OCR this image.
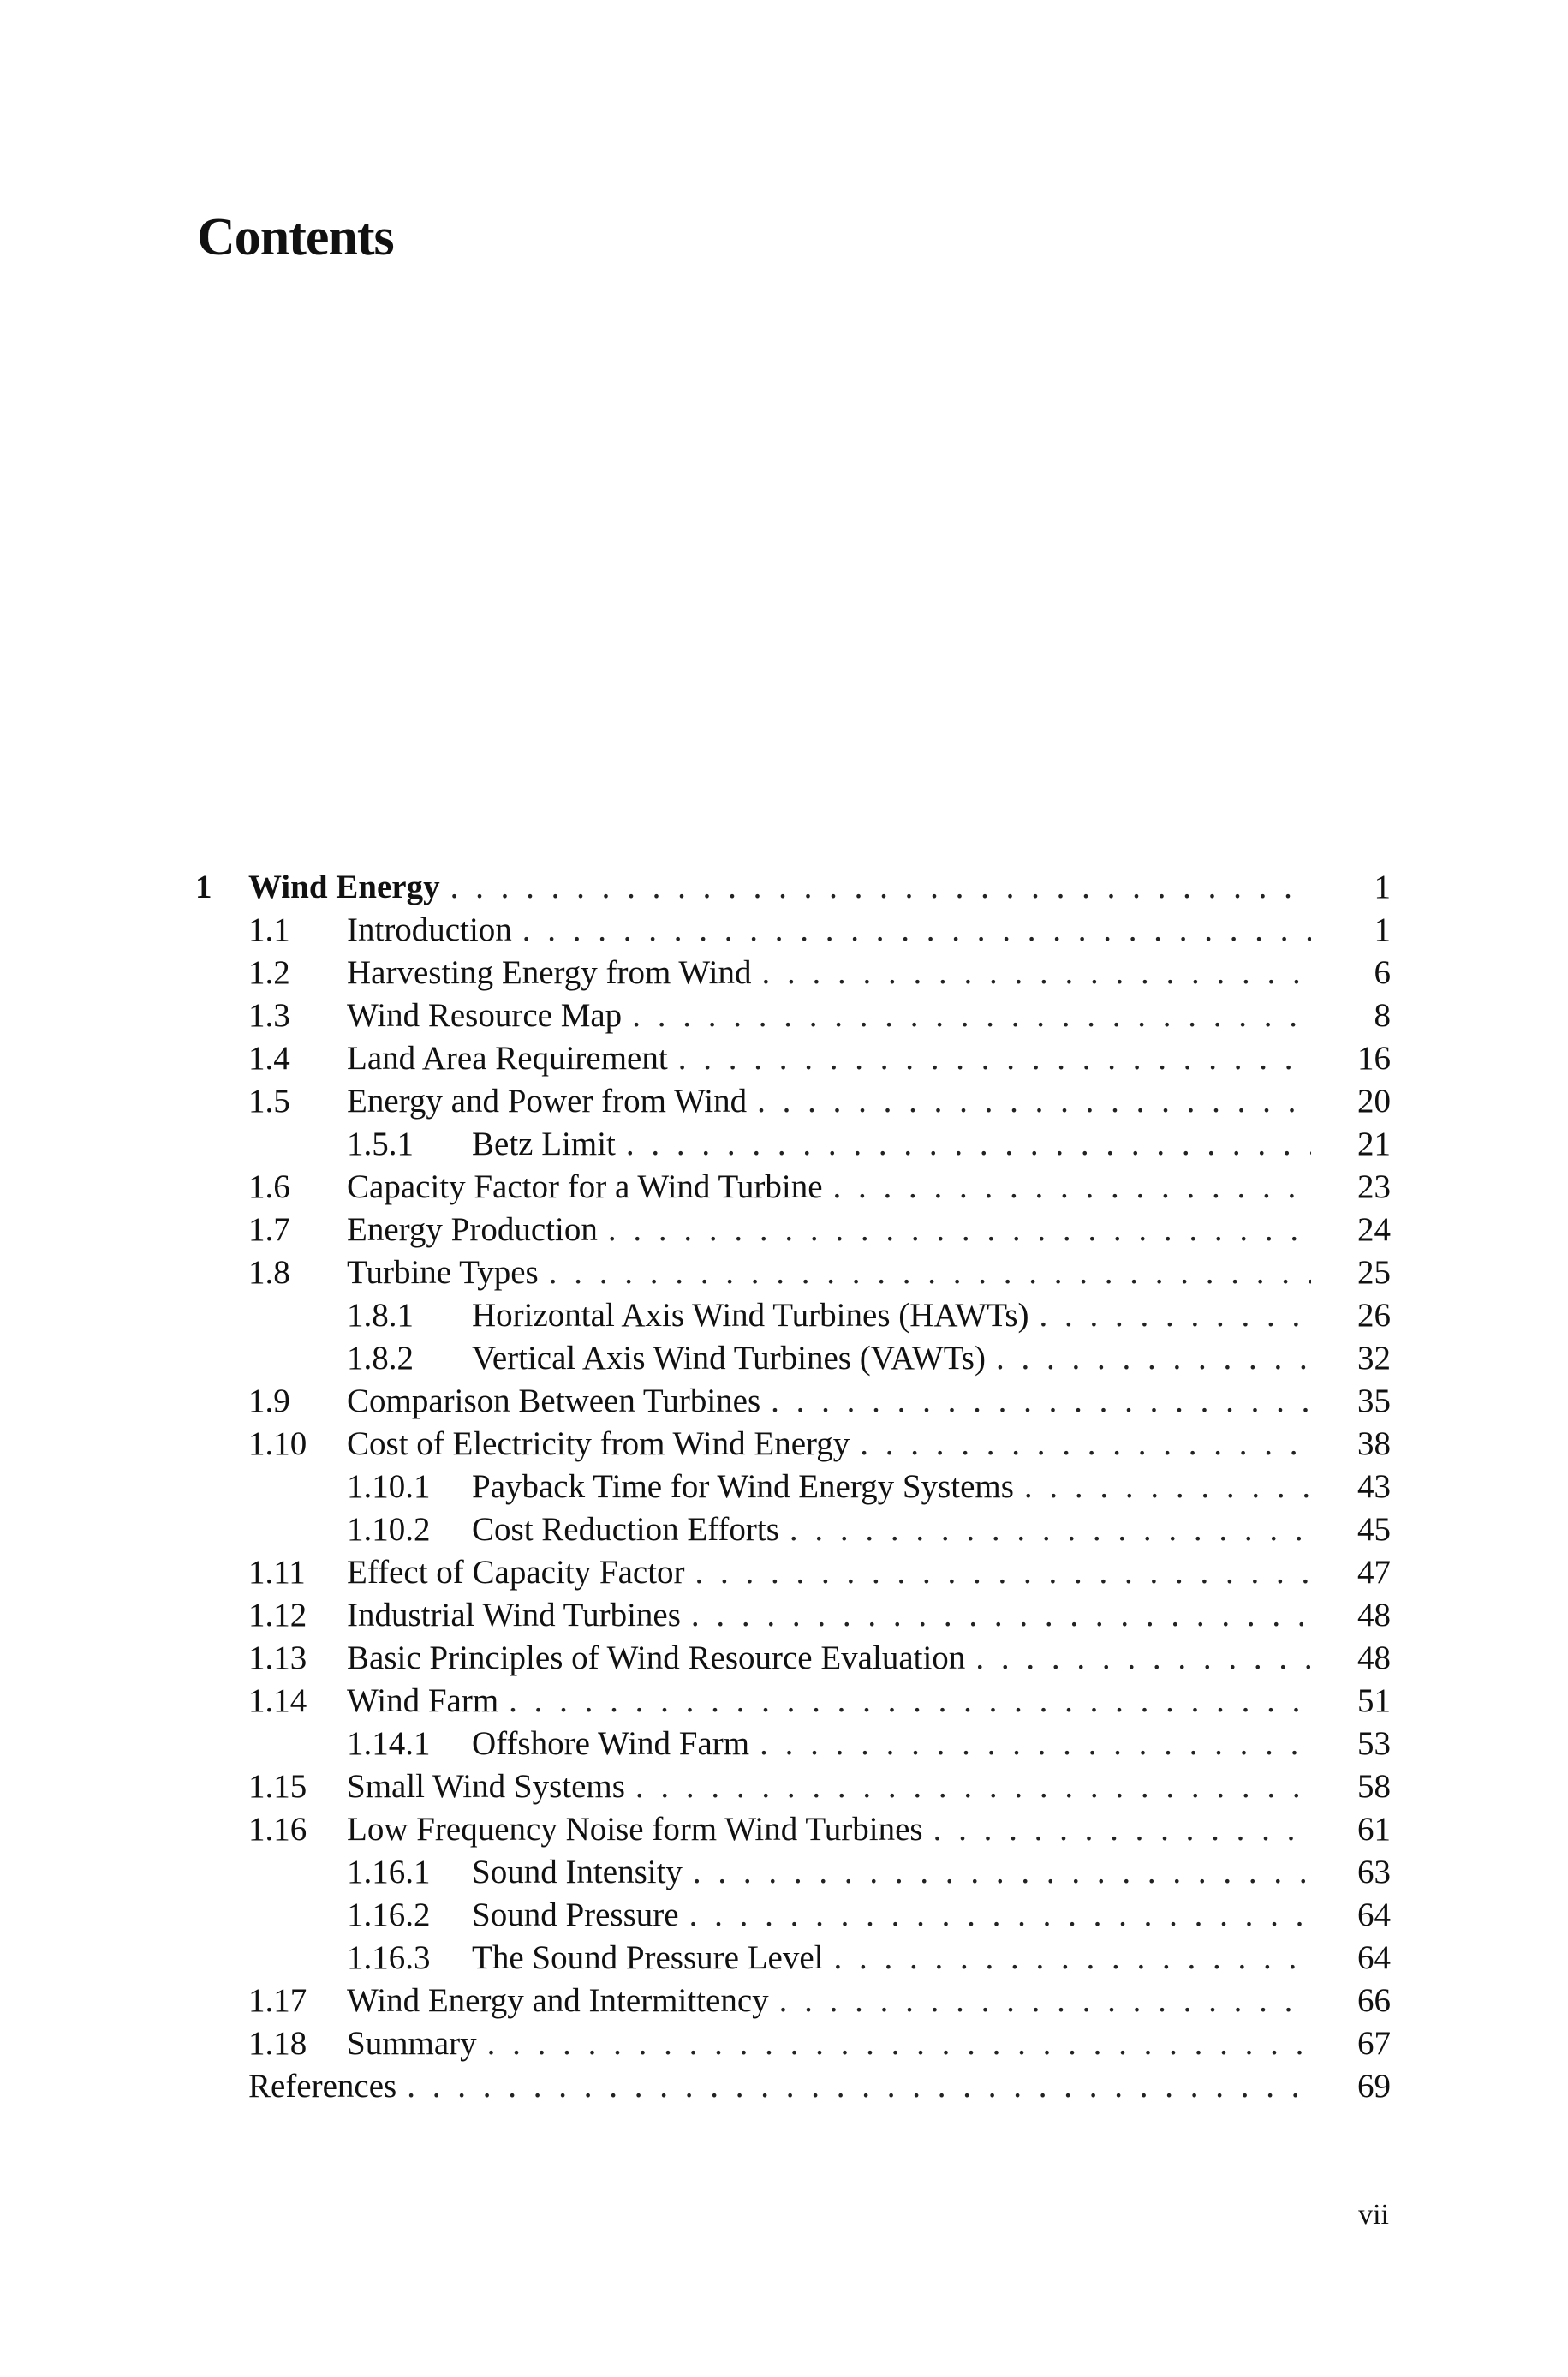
Contents
1 Wind Energy . . .	1
1.1 Introduction . . .	1
1.2 Harvesting Energy from Wind . . .	6
1.3 Wind Resource Map . . .	8
1.4 Land Area Requirement . . .	16
1.5 Energy and Power from Wind . . .	20
1.5.1 Betz Limit . . .	21
1.6 Capacity Factor for a Wind Turbine . . .	23
1.7 Energy Production . . .	24
1.8 Turbine Types . . .	25
1.8.1 Horizontal Axis Wind Turbines (HAWTs) . . .	26
1.8.2 Vertical Axis Wind Turbines (VAWTs) . . .	32
1.9 Comparison Between Turbines . . .	35
1.10 Cost of Electricity from Wind Energy . . .	38
1.10.1 Payback Time for Wind Energy Systems . . .	43
1.10.2 Cost Reduction Efforts . . .	45
1.11 Effect of Capacity Factor . . .	47
1.12 Industrial Wind Turbines . . .	48
1.13 Basic Principles of Wind Resource Evaluation . . .	48
1.14 Wind Farm . . .	51
1.14.1 Offshore Wind Farm . . .	53
1.15 Small Wind Systems . . .	58
1.16 Low Frequency Noise form Wind Turbines . . .	61
1.16.1 Sound Intensity . . .	63
1.16.2 Sound Pressure . . .	64
1.16.3 The Sound Pressure Level . . .	64
1.17 Wind Energy and Intermittency . . .	66
1.18 Summary . . .	67
References . . .	69

vii
